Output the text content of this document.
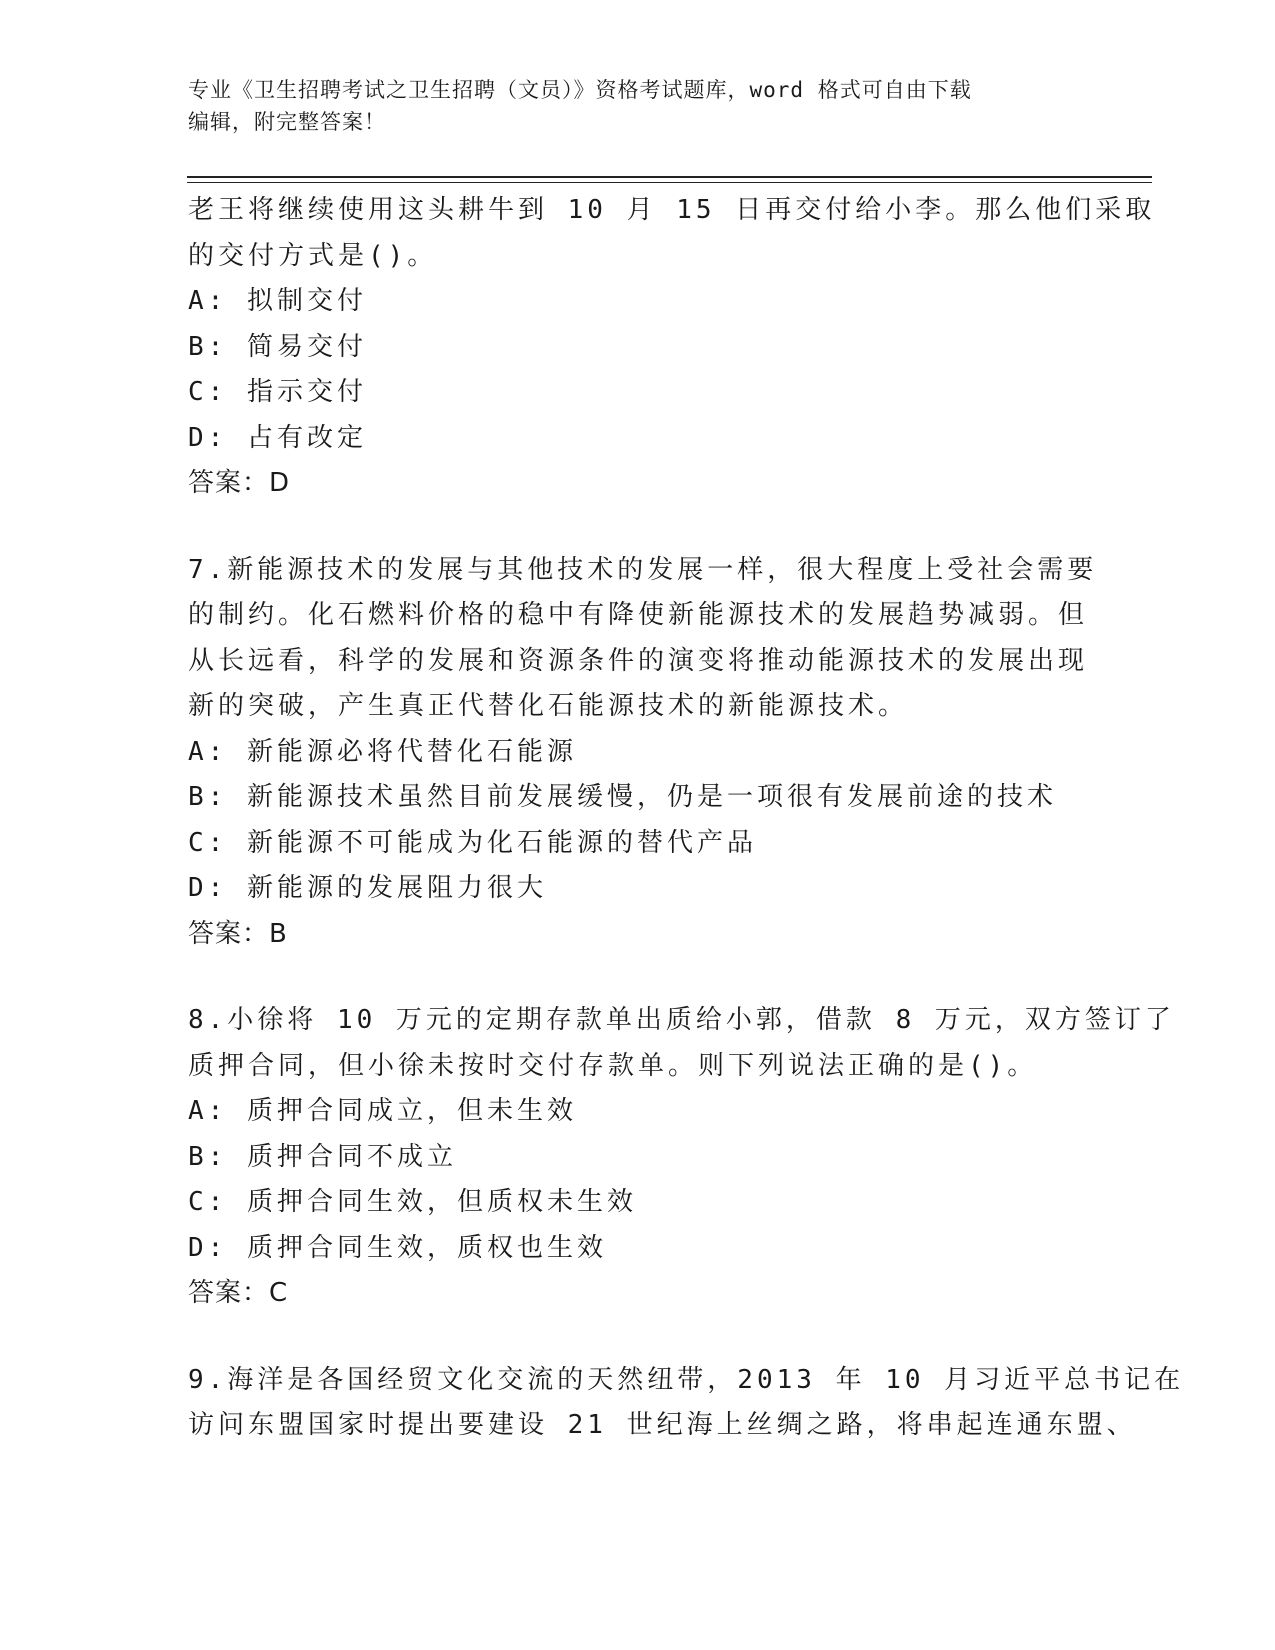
专业《卫生招聘考试之卫生招聘（文员）》资格考试题库，word 格式可自由下载
编辑，附完整答案！
老王将继续使用这头耕牛到 10 月 15 日再交付给小李。那么他们采取
的交付方式是()。
A: 拟制交付
B: 简易交付
C: 指示交付
D: 占有改定
答案：D
7.新能源技术的发展与其他技术的发展一样，很大程度上受社会需要
的制约。化石燃料价格的稳中有降使新能源技术的发展趋势减弱。但
从长远看，科学的发展和资源条件的演变将推动能源技术的发展出现
新的突破，产生真正代替化石能源技术的新能源技术。
A: 新能源必将代替化石能源
B: 新能源技术虽然目前发展缓慢，仍是一项很有发展前途的技术
C: 新能源不可能成为化石能源的替代产品
D: 新能源的发展阻力很大
答案：B
8.小徐将 10 万元的定期存款单出质给小郭，借款 8 万元，双方签订了
质押合同，但小徐未按时交付存款单。则下列说法正确的是()。
A: 质押合同成立，但未生效
B: 质押合同不成立
C: 质押合同生效，但质权未生效
D: 质押合同生效，质权也生效
答案：C
9.海洋是各国经贸文化交流的天然纽带，2013 年 10 月习近平总书记在
访问东盟国家时提出要建设 21 世纪海上丝绸之路，将串起连通东盟、
